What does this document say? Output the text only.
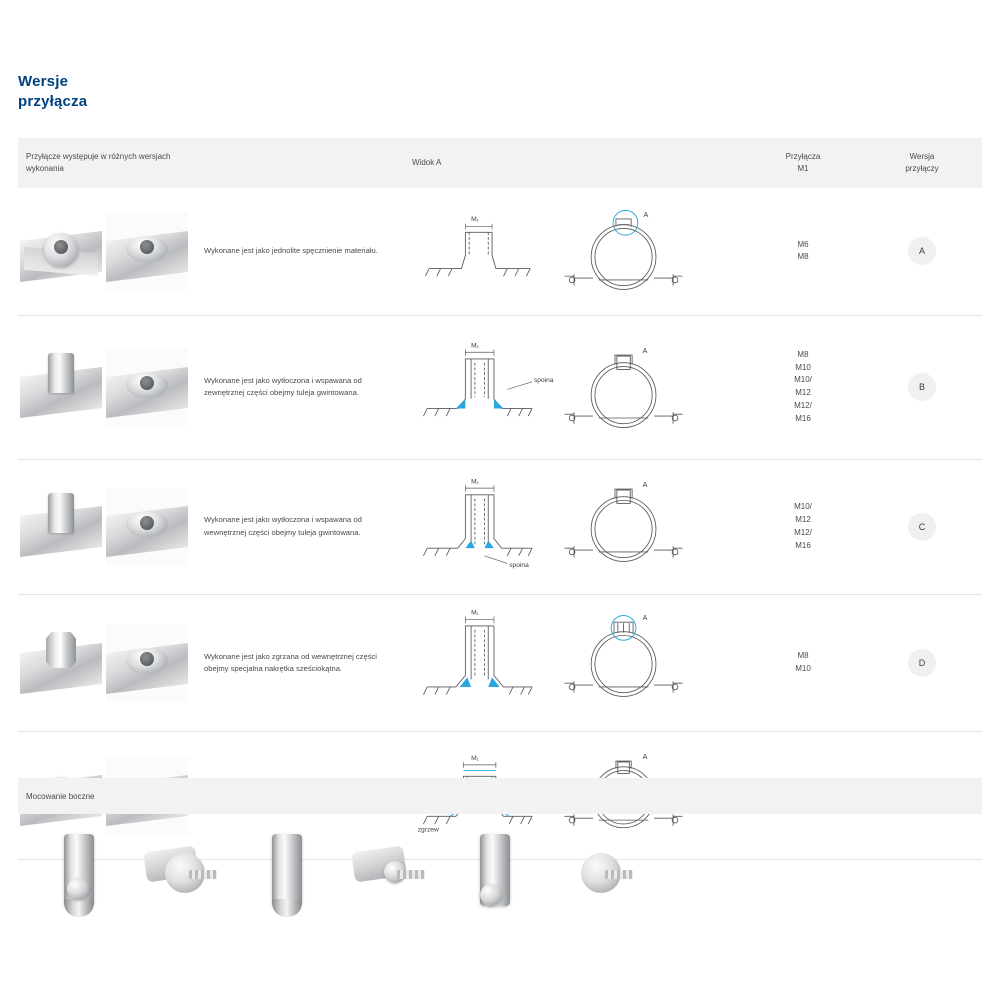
Wersje
przyłącza
Przyłącze występuje w różnych wersjach wykonania
Widok A
Przyłącza
M1
Wersja
przyłączy
Wykonane jest jako jednolite spęcznienie materiału.
M₁
A
M6
M8
A
Wykonane jest jako wytłoczona i wspawana od zewnętrznej części obejmy tuleja gwintowana.
M₁
spoina
A	M8
M10
M10/
M12
M12/
M16
B
Wykonane jest jako wytłoczona i wspawana od wewnętrznej części obejmy tuleja gwintowana.
M₁
spoina
A
M10/
M12
M12/
M16
C
Wykonane jest jako zgrzana od wewnętrznej części obejmy specjalna nakrętka sześciokątna.
M₁
A
M8
M10
D
M₁
zgrzew
A
Mocowanie boczne
